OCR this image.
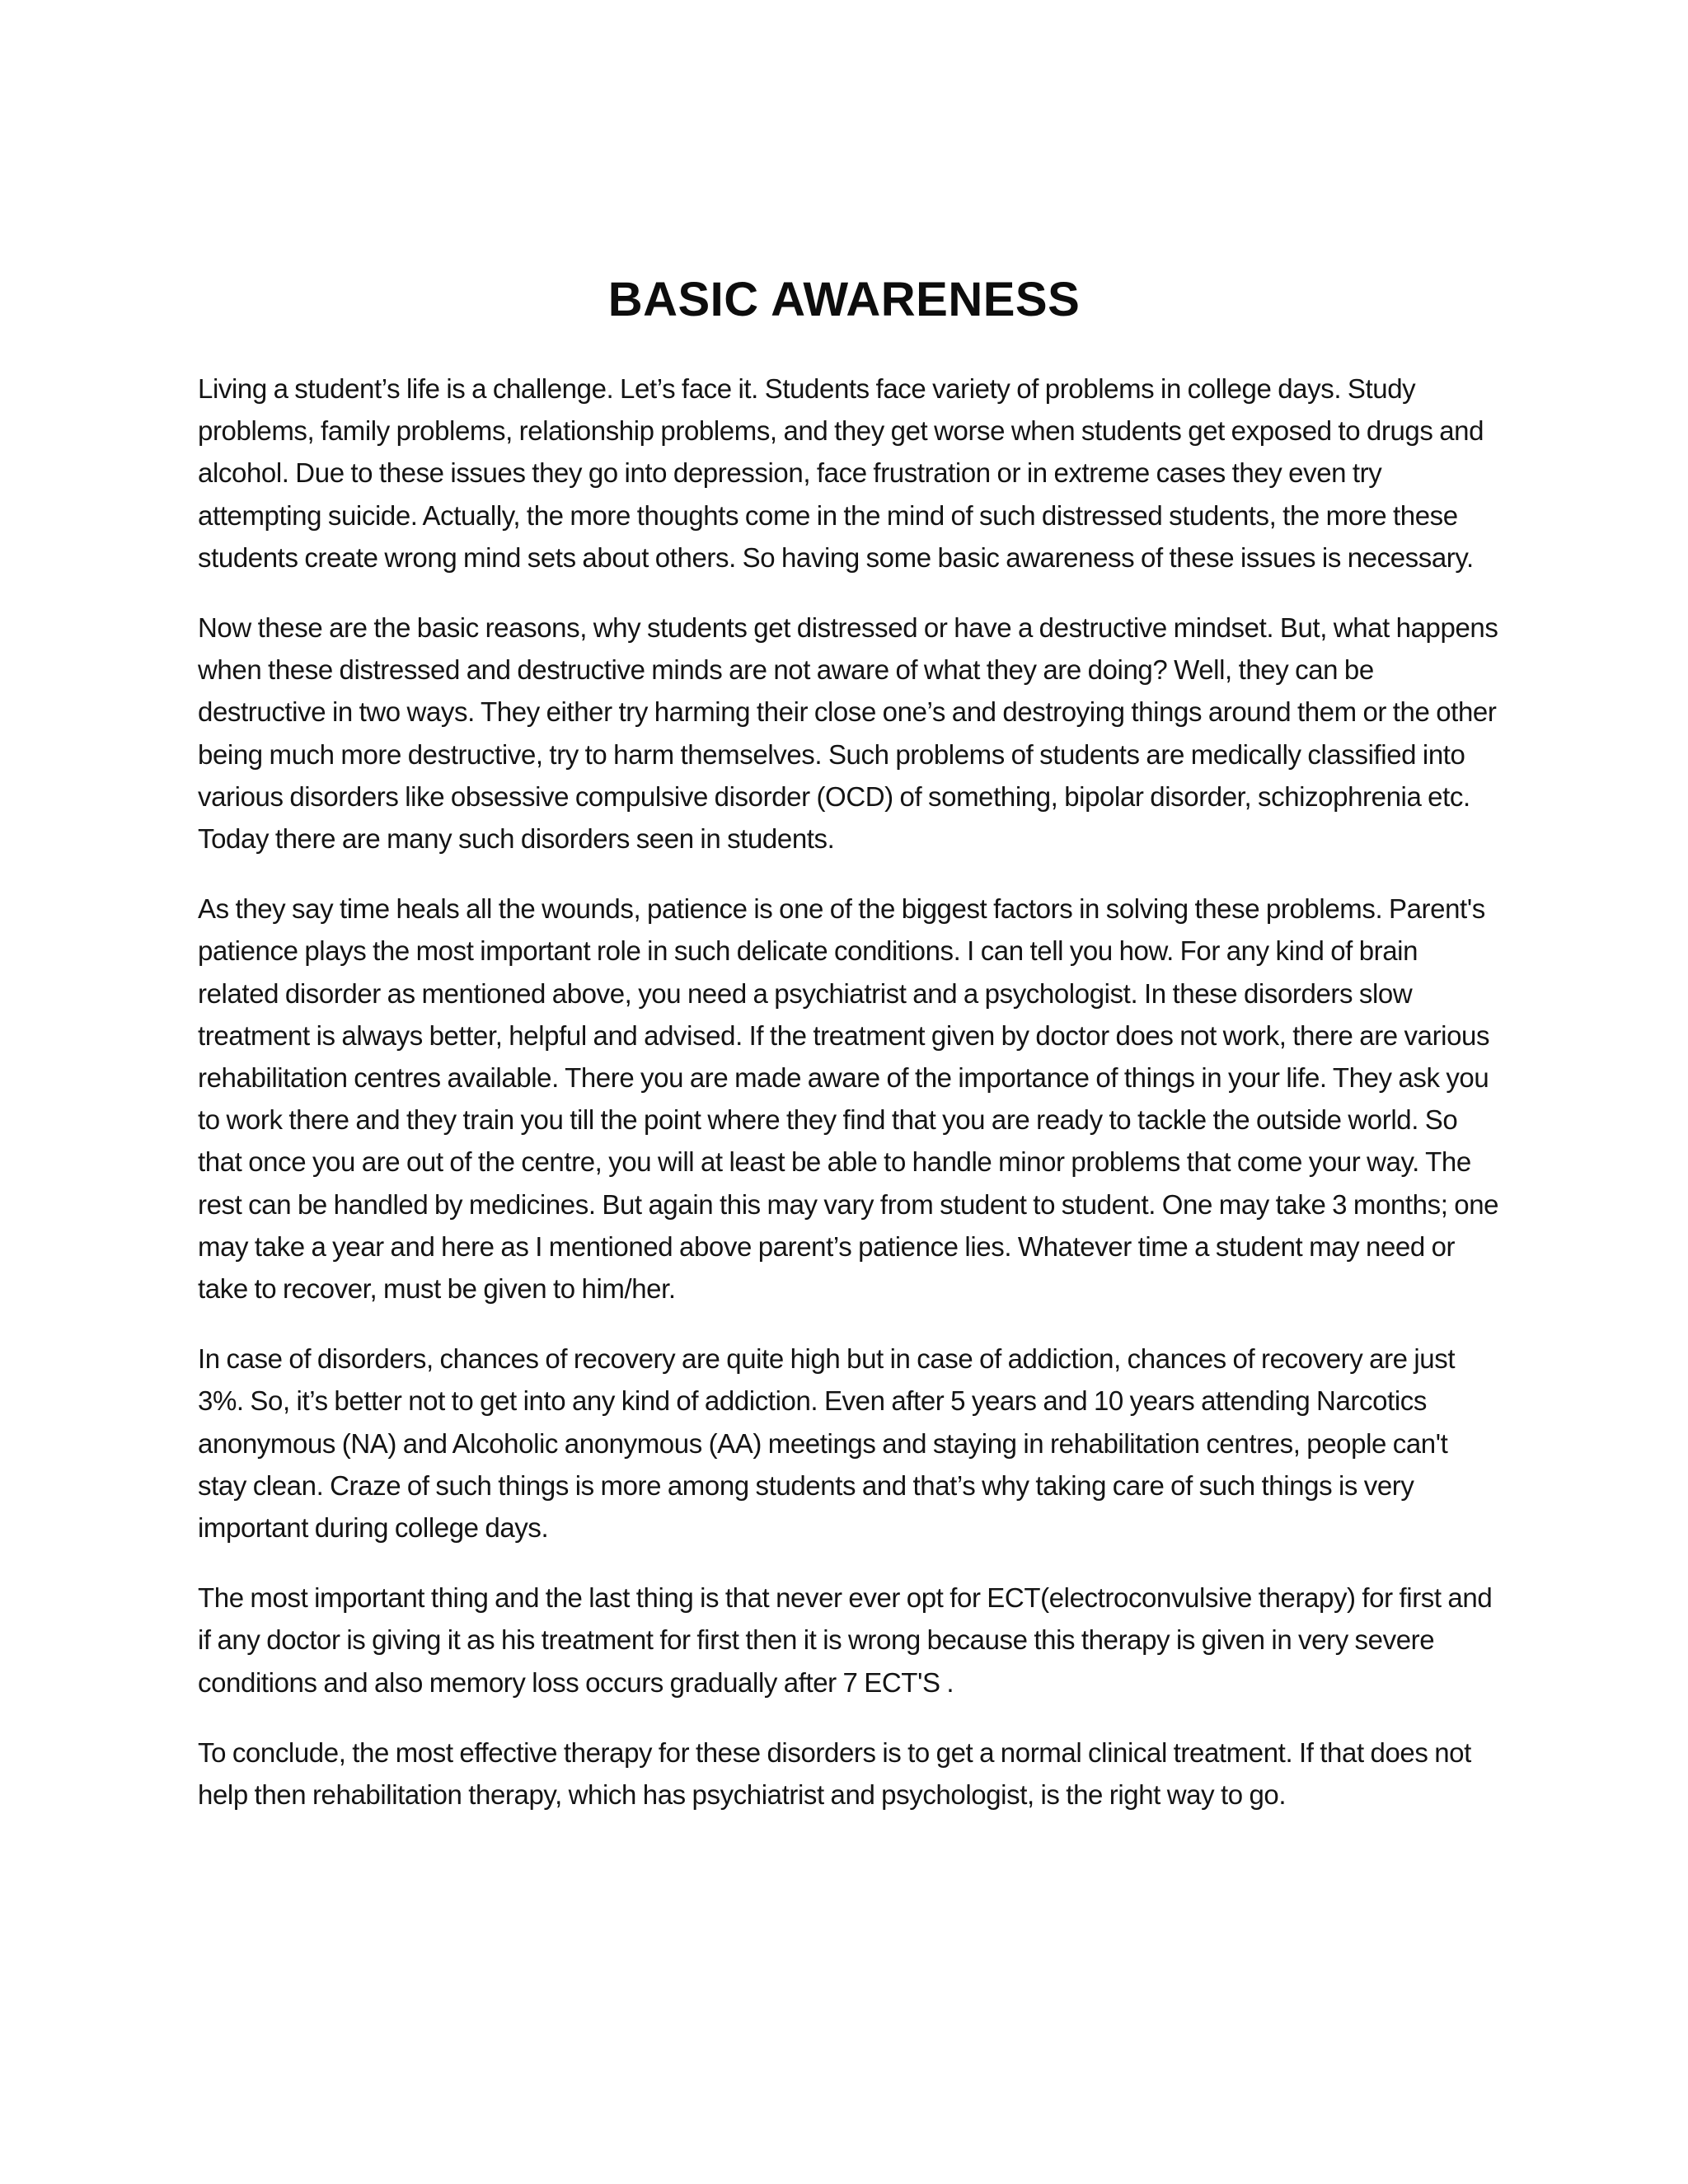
BASIC AWARENESS

Living a student’s life is a challenge. Let’s face it. Students face variety of problems in college days. Study problems, family problems, relationship problems, and they get worse when students get exposed to drugs and alcohol. Due to these issues they go into depression, face frustration or in extreme cases they even try attempting suicide. Actually, the more thoughts come in the mind of such distressed students, the more these students create wrong mind sets about others. So having some basic awareness of these issues is necessary.

Now these are the basic reasons, why students get distressed or have a destructive mindset. But, what happens when these distressed and destructive minds are not aware of what they are doing? Well, they can be destructive in two ways. They either try harming their close one’s and destroying things around them or the other being much more destructive, try to harm themselves. Such problems of students are medically classified into various disorders like obsessive compulsive disorder (OCD) of something, bipolar disorder, schizophrenia etc. Today there are many such disorders seen in students.

As they say time heals all the wounds, patience is one of the biggest factors in solving these problems. Parent's patience plays the most important role in such delicate conditions. I can tell you how. For any kind of brain related disorder as mentioned above, you need a psychiatrist and a psychologist. In these disorders slow treatment is always better, helpful and advised. If the treatment given by doctor does not work, there are various rehabilitation centres available. There you are made aware of the importance of things in your life. They ask you to work there and they train you till the point where they find that you are ready to tackle the outside world. So that once you are out of the centre, you will at least be able to handle minor problems that come your way. The rest can be handled by medicines. But again this may vary from student to student. One may take 3 months; one may take a year and here as I mentioned above parent’s patience lies. Whatever time a student may need or take to recover, must be given to him/her.

In case of disorders, chances of recovery are quite high but in case of addiction, chances of recovery are just 3%. So, it’s better not to get into any kind of addiction. Even after 5 years and 10 years attending Narcotics anonymous (NA) and Alcoholic anonymous (AA) meetings and staying in rehabilitation centres, people can't stay clean. Craze of such things is more among students and that’s why taking care of such things is very important during college days.

The most important thing and the last thing is that never ever opt for ECT(electroconvulsive therapy) for first and if any doctor is giving it as his treatment for first then it is wrong because this therapy is given in very severe conditions and also memory loss occurs gradually after 7 ECT'S .

To conclude, the most effective therapy for these disorders is to get a normal clinical treatment. If that does not help then rehabilitation therapy, which has psychiatrist and psychologist, is the right way to go.
